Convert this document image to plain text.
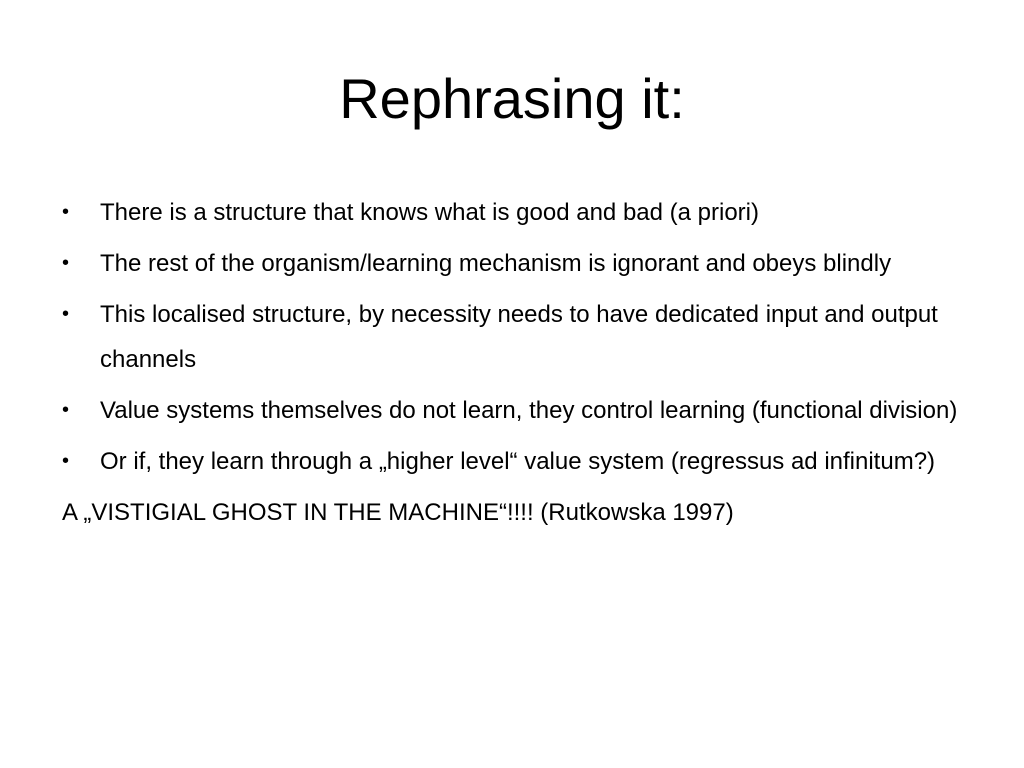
Rephrasing it:
•	There is a structure that knows what is good and bad (a priori)
•	The rest of the organism/learning mechanism is ignorant and obeys blindly
•	This localised structure, by necessity needs to have dedicated input and output channels
•	Value systems themselves do not learn, they control learning (functional division)
•	Or if, they learn through a „higher level“ value system (regressus ad infinitum?)

A „VISTIGIAL GHOST IN THE MACHINE“!!!! (Rutkowska 1997)
